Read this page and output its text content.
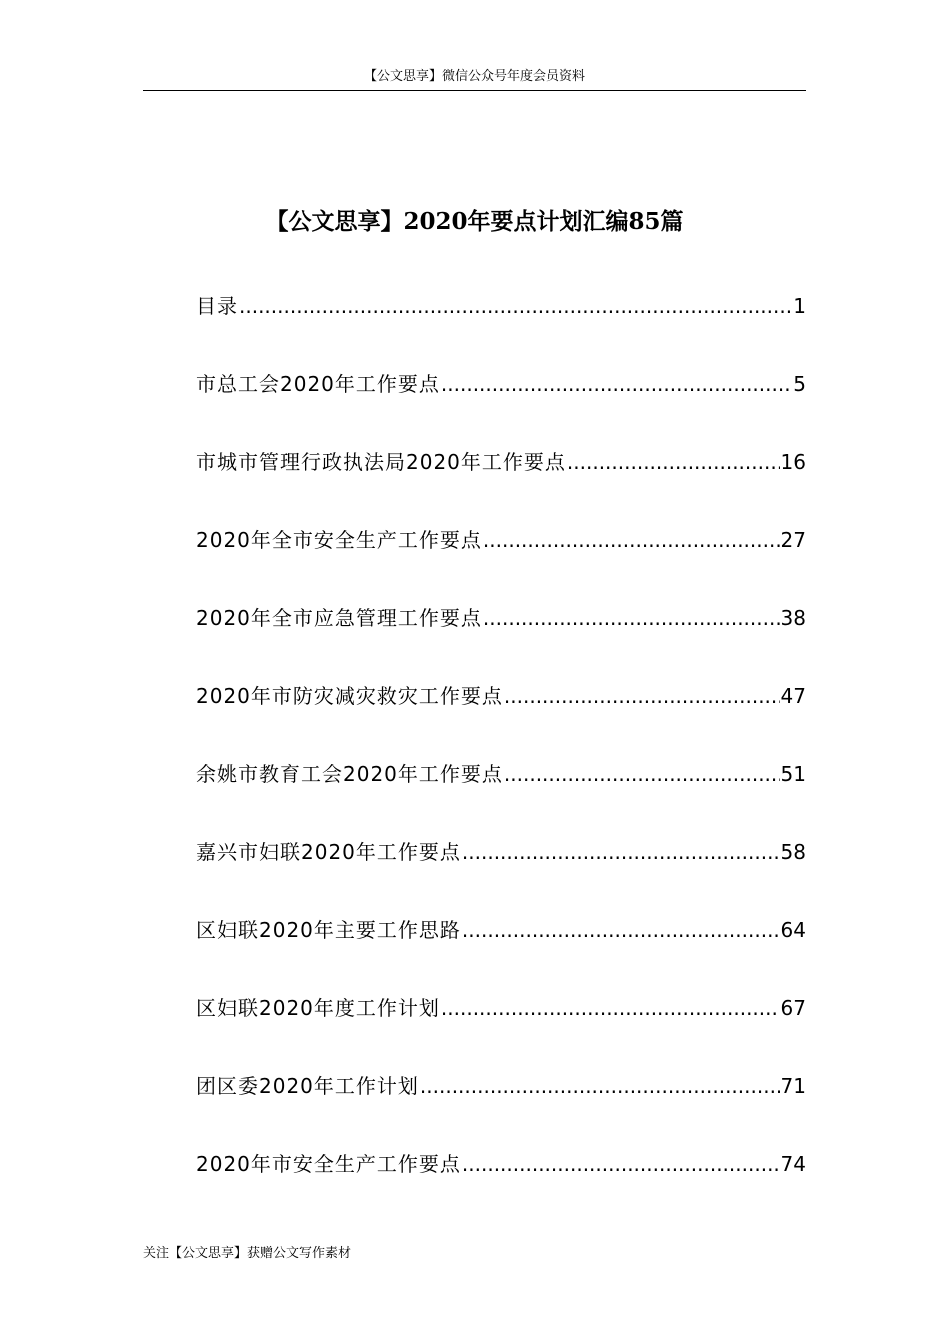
【公文思享】微信公众号年度会员资料
【公文思享】2020年要点计划汇编85篇
目录 .....	1
市总工会2020年工作要点 .....	5
市城市管理行政执法局2020年工作要点 .....	16
2020年全市安全生产工作要点 .....	27
2020年全市应急管理工作要点 .....	38
2020年市防灾减灾救灾工作要点 .....	47
余姚市教育工会2020年工作要点 .....	51
嘉兴市妇联2020年工作要点 .....	58
区妇联2020年主要工作思路 .....	64
区妇联2020年度工作计划 .....	67
团区委2020年工作计划 .....	71
2020年市安全生产工作要点 .....	74
关注【公文思享】获赠公文写作素材
